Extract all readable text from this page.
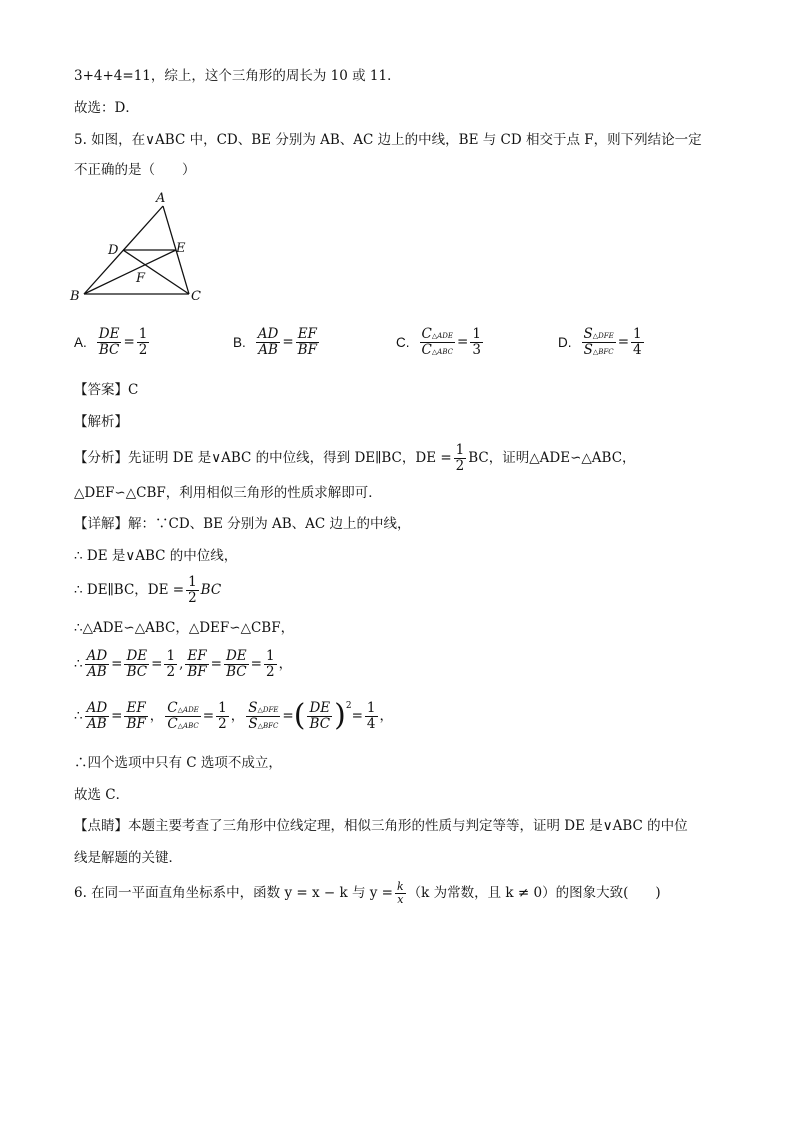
3+4+4=11，综上，这个三角形的周长为 10 或 11．
故选：D．
5. 如图，在∨ABC 中，CD、BE 分别为 AB、AC 边上的中线，BE 与 CD 相交于点 F，则下列结论一定
不正确的是（　　）
A
B	C
D	E
F
A. $\frac{DE}{BC} = \frac{1}{2}$	B. $\frac{AD}{AB} = \frac{EF}{BF}$	C. $\frac{\text{C△ADE}}{\text{C△ABC}} = \frac{1}{3}$	D. $\frac{\text{S△DFE}}{\text{S△BFC}} = \frac{1}{4}$
【答案】C
【解析】
【分析】 先证明 DE 是∨ABC 的中位线，得到 DE∥BC，DE = $\frac{1}{2}$ BC，证明△ADE∽△ABC，
△DEF∽△CBF，利用相似三角形的性质求解即可．
【详解】解：∵CD、BE 分别为 AB、AC 边上的中线，
∴ DE 是∨ABC 的中位线，
∴ DE∥BC，DE = $\frac{1}{2}$ BC
∴△ADE∽△ABC，△DEF∽△CBF，
∴ $\frac{AD}{AB} = \frac{DE}{BC} = \frac{1}{2}$ , $\frac{EF}{BF} = \frac{DE}{BC} = \frac{1}{2}$ ，
∴ $\frac{AD}{AB} = \frac{EF}{BF}$ ， $\frac{\text{C△ADE}}{\text{C△ABC}} = \frac{1}{2}$ ， $\frac{\text{S△DFE}}{\text{S△BFC}}$ = ( $\frac{DE}{BC} )^2$
= $\frac{1}{4}$ ，
∴四个选项中只有 C 选项不成立，
故选 C．
【点睛】本题主要考查了三角形中位线定理，相似三角形的性质与判定等等，证明 DE 是∨ABC 的中位
线是解题的关键．
6. 在同一平面直角坐标系中，函数 y = x − k 与 $y = \frac{k}{x} (k$ 为常数，且 k ≠ 0）的图象大致(　　)
